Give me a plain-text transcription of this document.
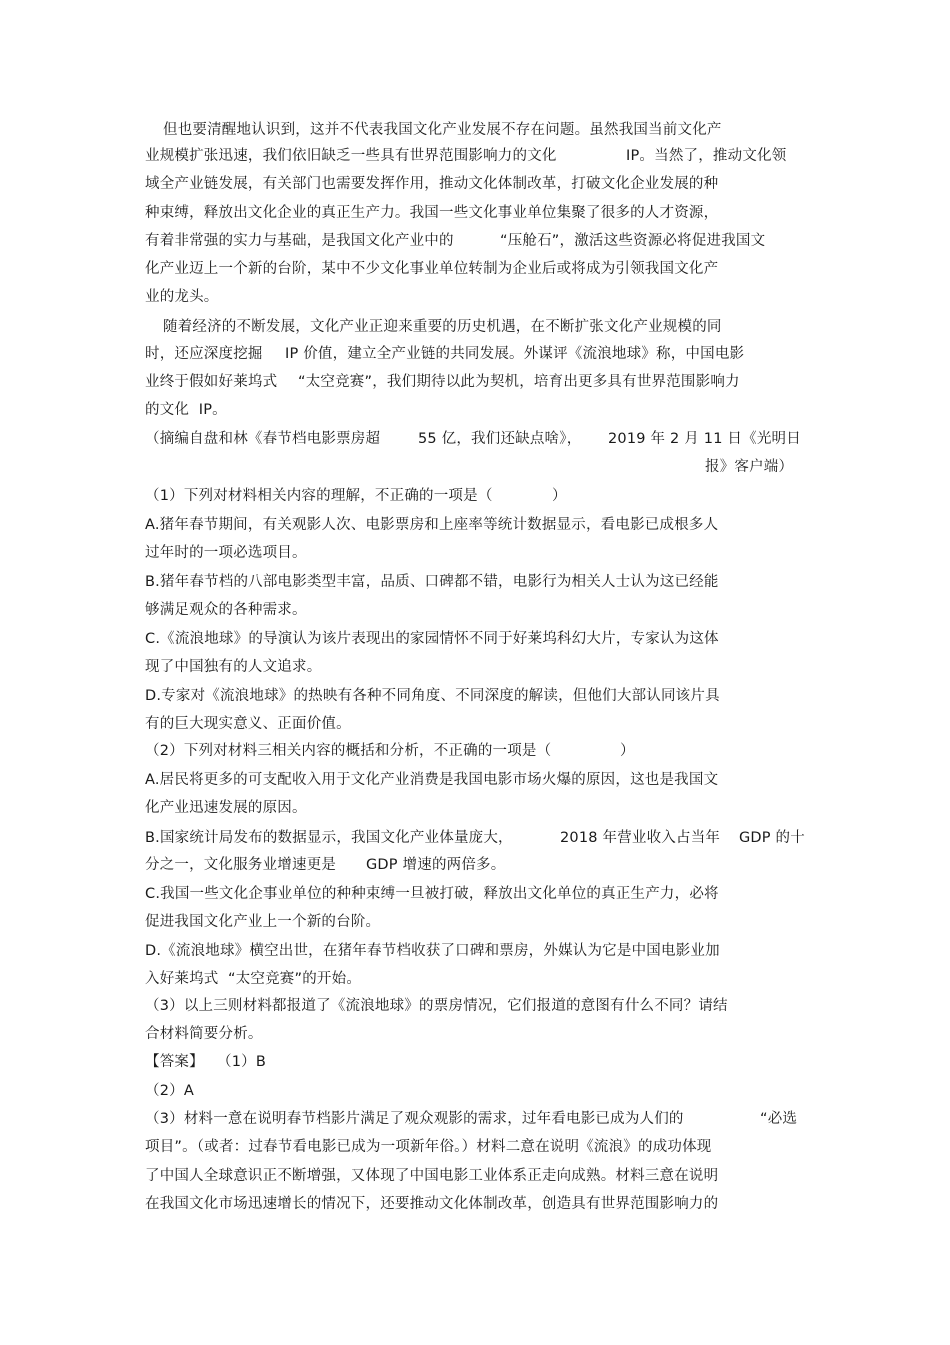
但也要清醒地认识到，这并不代表我国文化产业发展不存在问题。虽然我国当前文化产
业规模扩张迅速，我们依旧缺乏一些具有世界范围影响力的文化	IP。当然了，推动文化领
域全产业链发展，有关部门也需要发挥作用，推动文化体制改革，打破文化企业发展的种
种束缚，释放出文化企业的真正生产力。我国一些文化事业单位集聚了很多的人才资源，
有着非常强的实力与基础，是我国文化产业中的	“压舱石”，激活这些资源必将促进我国文
化产业迈上一个新的台阶，某中不少文化事业单位转制为企业后或将成为引领我国文化产
业的龙头。
随着经济的不断发展，文化产业正迎来重要的历史机遇，在不断扩张文化产业规模的同
时，还应深度挖掘 IP 价值，建立全产业链的共同发展。外谋评《流浪地球》称，中国电影
业终于假如好莱坞式 “太空竞赛”，我们期待以此为契机，培育出更多具有世界范围影响力
的文化  IP。
（摘编自盘和林《春节档电影票房超	55 亿，我们还缺点啥》， 2019 年 2 月 11 日《光明日
报》客户端）
（1）下列对材料相关内容的理解，不正确的一项是（	）
A.猪年春节期间，有关观影人次、电影票房和上座率等统计数据显示，看电影已成根多人
过年时的一项必选项目。
B.猪年春节档的八部电影类型丰富，品质、口碑都不错，电影行为相关人士认为这已经能
够满足观众的各种需求。
C.《流浪地球》的导演认为该片表现出的家园情怀不同于好莱坞科幻大片，专家认为这体
现了中国独有的人文追求。
D.专家对《流浪地球》的热映有各种不同角度、不同深度的解读，但他们大部认同该片具
有的巨大现实意义、正面价值。
（2）下列对材料三相关内容的概括和分析，不正确的一项是（	）
A.居民将更多的可支配收入用于文化产业消费是我国电影市场火爆的原因，这也是我国文
化产业迅速发展的原因。
B.国家统计局发布的数据显示，我国文化产业体量庞大，	2018 年营业收入占当年 GDP 的十
分之一，文化服务业增速更是 GDP 增速的两倍多。
C.我国一些文化企事业单位的种种束缚一旦被打破，释放出文化单位的真正生产力，必将
促进我国文化产业上一个新的台阶。
D.《流浪地球》横空出世，在猪年春节档收获了口碑和票房，外媒认为它是中国电影业加
入好莱坞式 “太空竞赛”的开始。
（3）以上三则材料都报道了《流浪地球》的票房情况，它们报道的意图有什么不同？请结
合材料简要分析。
【答案】 （1）B
（2）A
（3）材料一意在说明春节档影片满足了观众观影的需求，过年看电影已成为人们的	“必选
项目”。（或者：过春节看电影已成为一项新年俗。）材料二意在说明《流浪》的成功体现
了中国人全球意识正不断增强，又体现了中国电影工业体系正走向成熟。材料三意在说明
在我国文化市场迅速增长的情况下，还要推动文化体制改革，创造具有世界范围影响力的
